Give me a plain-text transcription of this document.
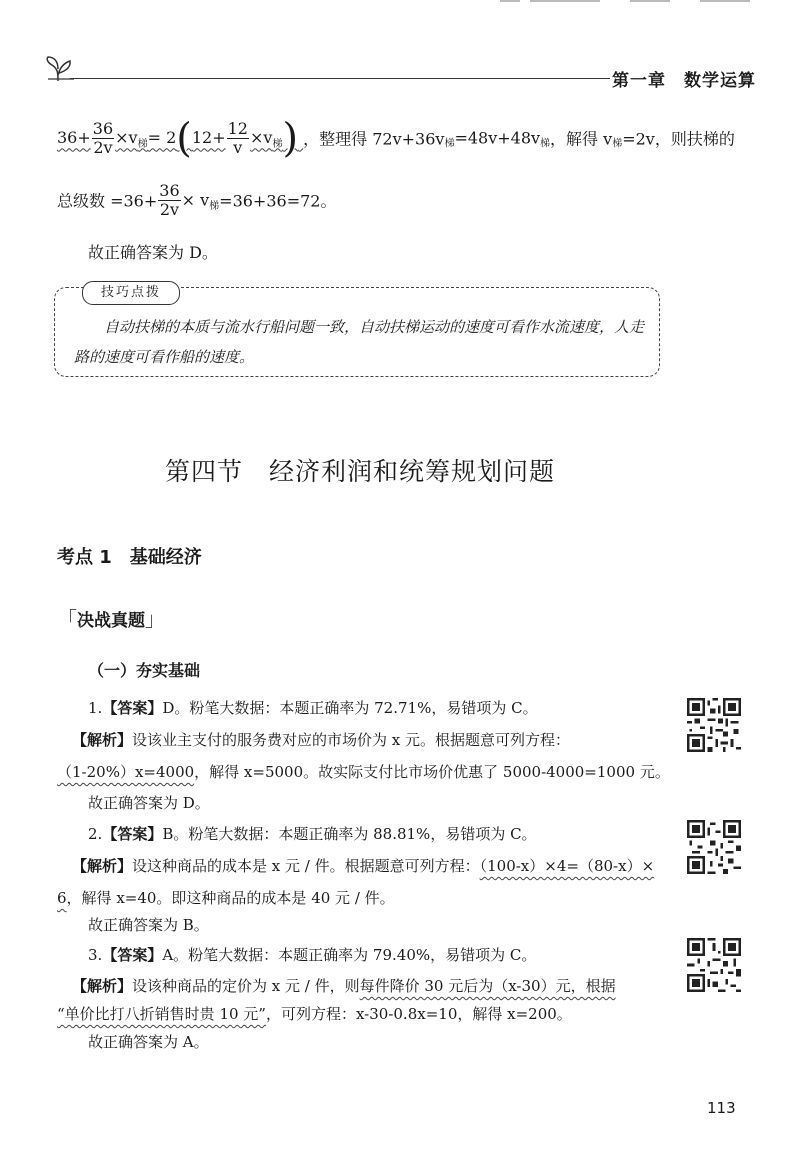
第一章　数学运算
$36+ \frac{36}{2v} \times v_梯= 2(12+ \frac{12}{v} \times v_梯)$ ，整理得 $72v+36v_梯=48v+48v_梯$，解得 $v_梯=2v$，则扶梯的
总级数 $=36+ \frac{36}{2v} \times v_梯=36+36=72$。
故正确答案为 D。
技巧点拨
自动扶梯的本质与流水行船问题一致，自动扶梯运动的速度可看作水流速度，人走路的速度可看作船的速度。
第四节　经济利润和统筹规划问题
考点 1　基础经济
「决战真题」
（一）夯实基础
1.【答案】D。粉笔大数据：本题正确率为 72.71%，易错项为 C。
【解析】设该业主支付的服务费对应的市场价为 x 元。根据题意可列方程：
（1-20%）x=4000，解得 x=5000。故实际支付比市场价优惠了 5000-4000=1000 元。
故正确答案为 D。
2.【答案】B。粉笔大数据：本题正确率为 88.81%，易错项为 C。
【解析】设这种商品的成本是 x 元 / 件。根据题意可列方程：（100-x）×4=（80-x）×
6，解得 x=40。即这种商品的成本是 40 元 / 件。
故正确答案为 B。
3.【答案】A。粉笔大数据：本题正确率为 79.40%，易错项为 C。
【解析】设该种商品的定价为 x 元 / 件，则每件降价 30 元后为（x-30）元，根据
“单价比打八折销售时贵 10 元”，可列方程：x-30-0.8x=10，解得 x=200。
故正确答案为 A。
113
